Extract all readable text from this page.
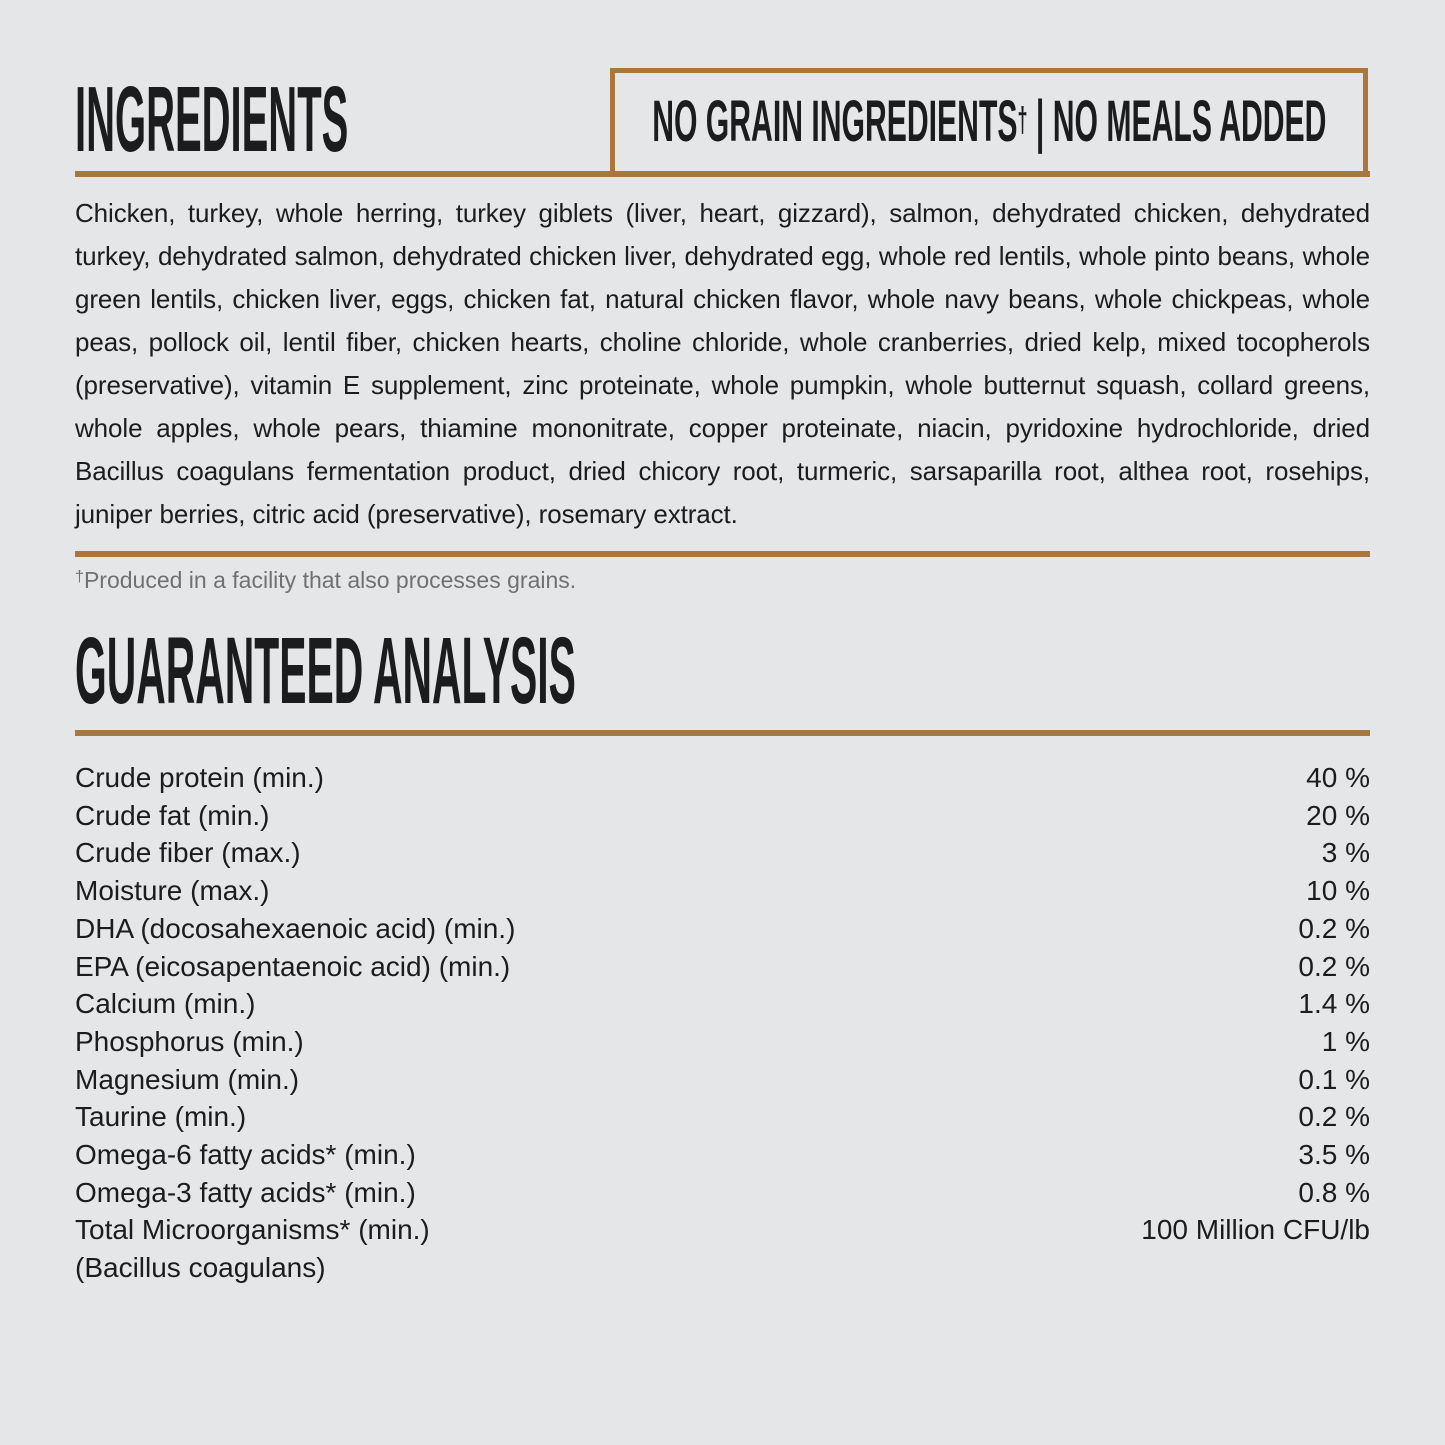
INGREDIENTS	NO GRAIN INGREDIENTS† | NO MEALS ADDED

Chicken, turkey, whole herring, turkey giblets (liver, heart, gizzard), salmon, dehydrated chicken, dehydrated turkey, dehydrated salmon, dehydrated chicken liver, dehydrated egg, whole red lentils, whole pinto beans, whole green lentils, chicken liver, eggs, chicken fat, natural chicken flavor, whole navy beans, whole chickpeas, whole peas, pollock oil, lentil fiber, chicken hearts, choline chloride, whole cranberries, dried kelp, mixed tocopherols (preservative), vitamin E supplement, zinc proteinate, whole pumpkin, whole butternut squash, collard greens, whole apples, whole pears, thiamine mononitrate, copper proteinate, niacin, pyridoxine hydrochloride, dried Bacillus coagulans fermentation product, dried chicory root, turmeric, sarsaparilla root, althea root, rosehips, juniper berries, citric acid (preservative), rosemary extract.

†Produced in a facility that also processes grains.

GUARANTEED ANALYSIS
Crude protein (min.)	40 %
Crude fat (min.)	20 %
Crude fiber (max.)	3 %
Moisture (max.)	10 %
DHA (docosahexaenoic acid) (min.)	0.2 %
EPA (eicosapentaenoic acid) (min.)	0.2 %
Calcium (min.)	1.4 %
Phosphorus (min.)	1 %
Magnesium (min.)	0.1 %
Taurine (min.)	0.2 %
Omega-6 fatty acids* (min.)	3.5 %
Omega-3 fatty acids* (min.)	0.8 %
Total Microorganisms* (min.)	100 Million CFU/lb
(Bacillus coagulans)
